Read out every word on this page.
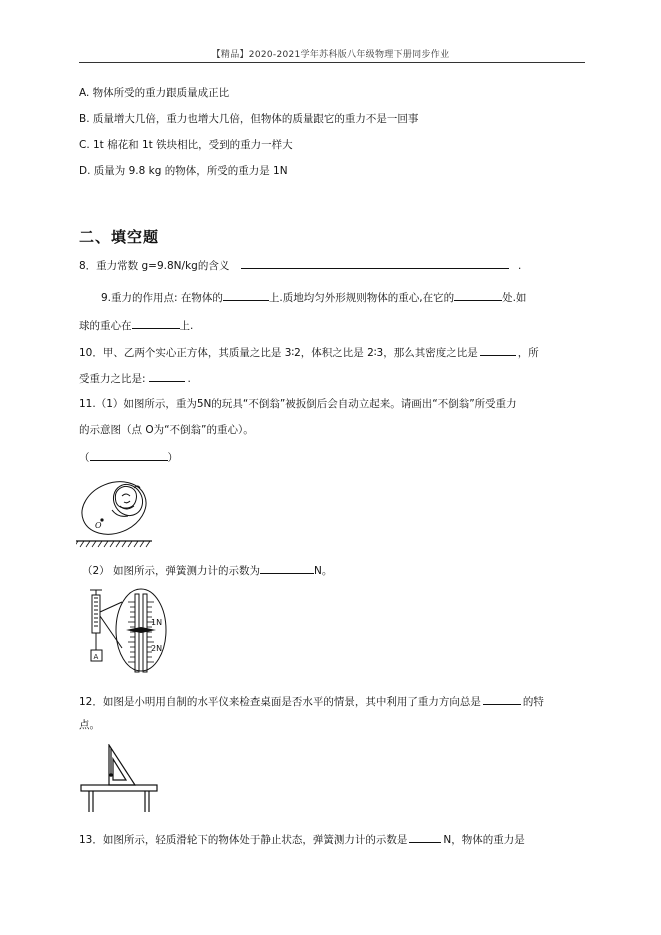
【精品】2020-2021学年苏科版八年级物理下册同步作业
A. 物体所受的重力跟质量成正比
B. 质量增大几倍，重力也增大几倍，但物体的质量跟它的重力不是一回事
C. 1t 棉花和 1t 铁块相比，受到的重力一样大
D. 质量为 9.8 kg 的物体，所受的重力是 1N
二、填空题
8．重力常数 g=9.8N/kg的含义	.
9.重力的作用点: 在物体的	上.质地均匀外形规则物体的重心,在它的	处.如
球的重心在	上.
10．甲、乙两个实心正方体，其质量之比是 3∶2，体积之比是 2∶3，那么其密度之比是	，所
受重力之比是:	.
11.（1）如图所示，重为5N的玩具“不倒翁”被扳倒后会自动立起来。请画出“不倒翁”所受重力
的示意图（点 O为“不倒翁”的重心）。
（	）
O
（2） 如图所示，弹簧测力计的示数为	N。
1N
2N
A
12．如图是小明用自制的水平仪来检查桌面是否水平的情景，其中利用了重力方向总是	的特
点。
13．如图所示，轻质滑轮下的物体处于静止状态，弹簧测力计的示数是	N，物体的重力是
